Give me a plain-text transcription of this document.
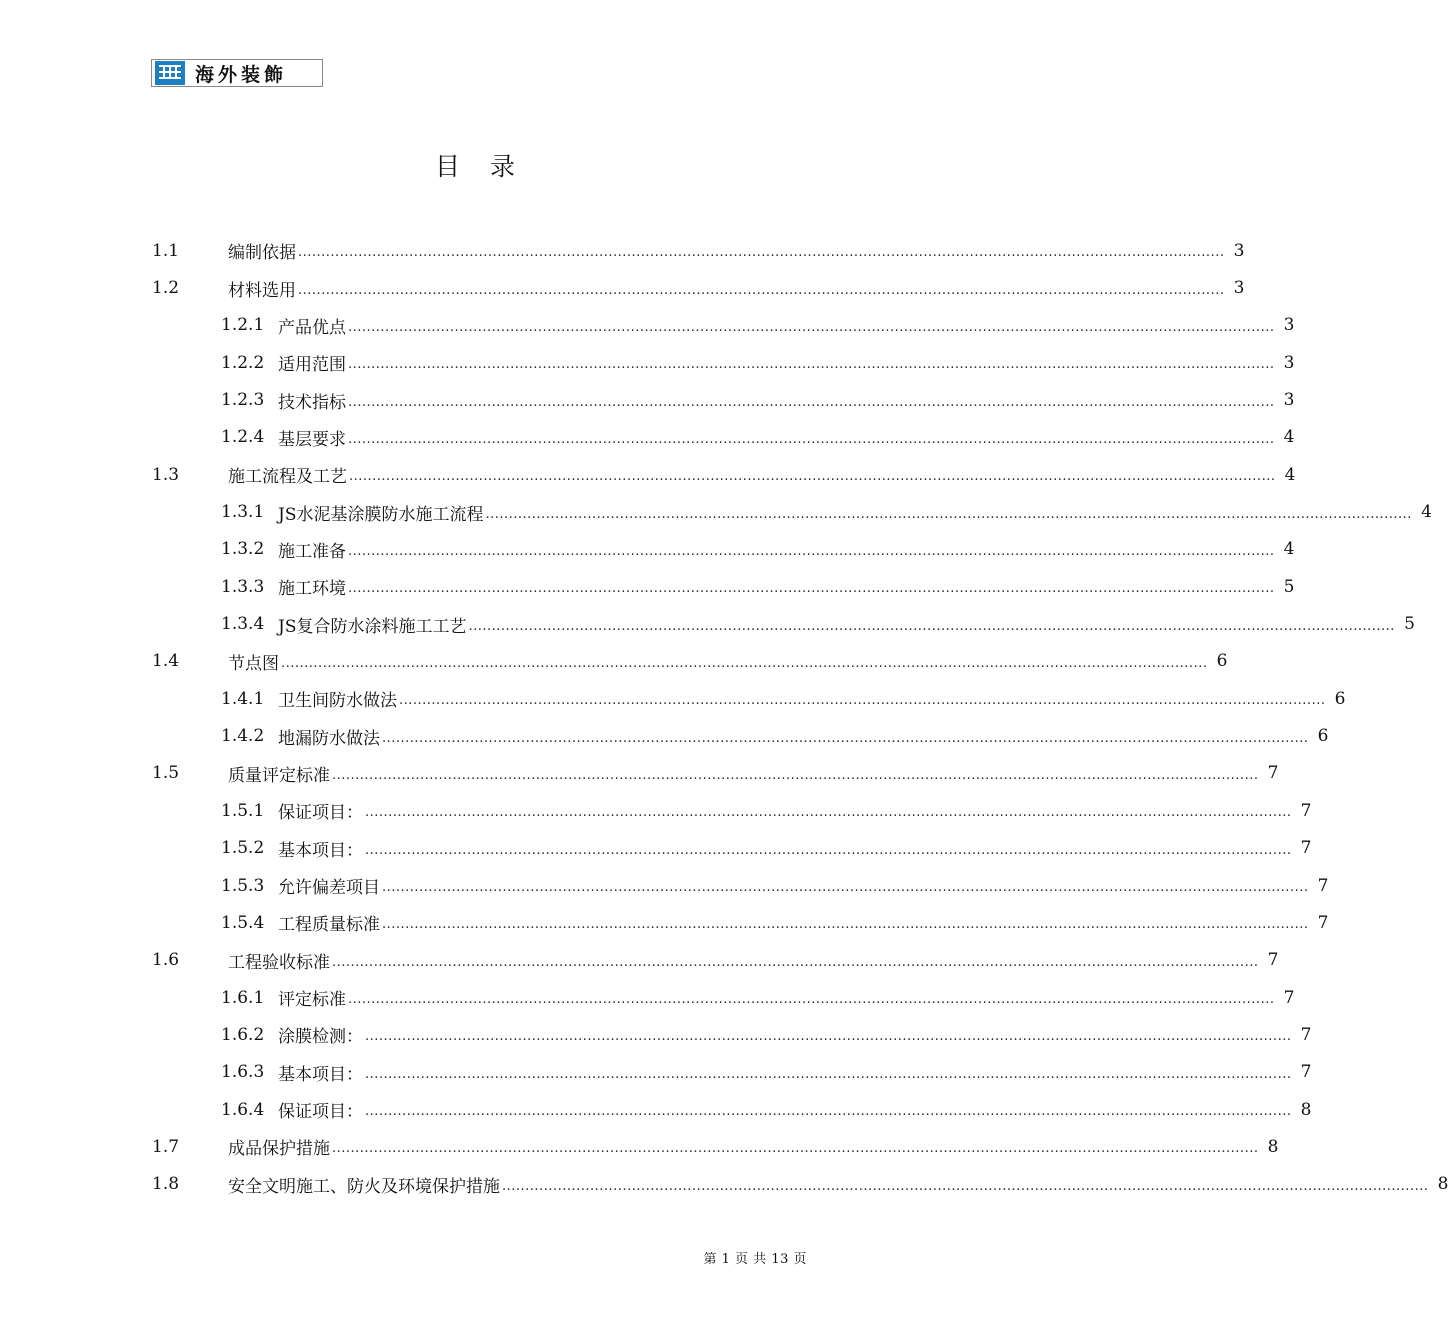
海外装飾
目录
1.1	编制依据 ........................................................................................................................................................................................................ 3
1.2	材料选用 ........................................................................................................................................................................................................ 3
1.2.1 产品优点 ........................................................................................................................................................................................................ 3
1.2.2 适用范围 ........................................................................................................................................................................................................ 3
1.2.3 技术指标 ........................................................................................................................................................................................................ 3
1.2.4 基层要求 ........................................................................................................................................................................................................ 4
1.3	施工流程及工艺 ........................................................................................................................................................................................................ 4
1.3.1 JS水泥基涂膜防水施工流程 ........................................................................................................................................................................................................ 4
1.3.2 施工准备 ........................................................................................................................................................................................................ 4
1.3.3 施工环境 ........................................................................................................................................................................................................ 5
1.3.4 JS复合防水涂料施工工艺 ........................................................................................................................................................................................................ 5
1.4	节点图 ........................................................................................................................................................................................................ 6
1.4.1 卫生间防水做法 ........................................................................................................................................................................................................ 6
1.4.2 地漏防水做法 ........................................................................................................................................................................................................ 6
1.5	质量评定标准 ........................................................................................................................................................................................................ 7
1.5.1 保证项目： ........................................................................................................................................................................................................ 7
1.5.2 基本项目： ........................................................................................................................................................................................................ 7
1.5.3 允许偏差项目 ........................................................................................................................................................................................................ 7
1.5.4 工程质量标准 ........................................................................................................................................................................................................ 7
1.6	工程验收标准 ........................................................................................................................................................................................................ 7
1.6.1 评定标准 ........................................................................................................................................................................................................ 7
1.6.2 涂膜检测： ........................................................................................................................................................................................................ 7
1.6.3 基本项目： ........................................................................................................................................................................................................ 7
1.6.4 保证项目： ........................................................................................................................................................................................................ 8
1.7	成品保护措施 ........................................................................................................................................................................................................ 8
1.8	安全文明施工、防火及环境保护措施 ........................................................................................................................................................................................................ 8
第 1 页 共 13 页
